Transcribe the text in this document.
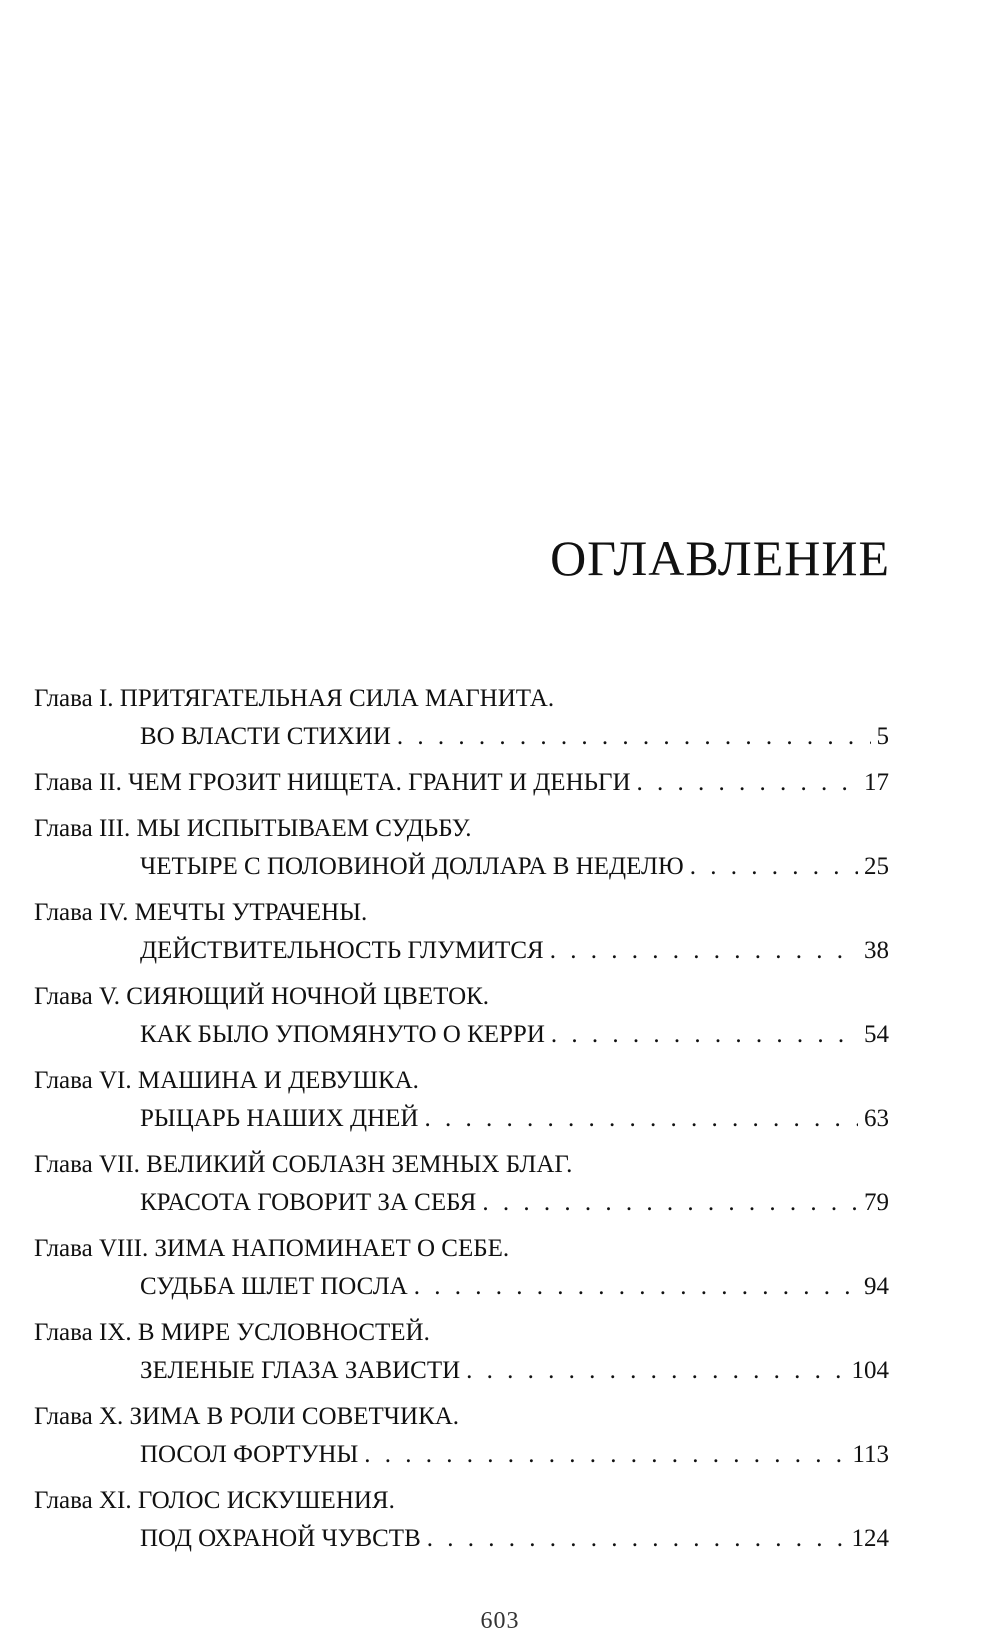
ОГЛАВЛЕНИЕ
Глава I. ПРИТЯГАТЕЛЬНАЯ СИЛА МАГНИТА.
ВО ВЛАСТИ СТИХИИ . . .	5
Глава II. ЧЕМ ГРОЗИТ НИЩЕТА. ГРАНИТ И ДЕНЬГИ . . .	17
Глава III. МЫ ИСПЫТЫВАЕМ СУДЬБУ.
ЧЕТЫРЕ С ПОЛОВИНОЙ ДОЛЛАРА В НЕДЕЛЮ . . .	25
Глава IV. МЕЧТЫ УТРАЧЕНЫ.
ДЕЙСТВИТЕЛЬНОСТЬ ГЛУМИТСЯ . . .	38
Глава V. СИЯЮЩИЙ НОЧНОЙ ЦВЕТОК.
КАК БЫЛО УПОМЯНУТО О КЕРРИ . . .	54
Глава VI. МАШИНА И ДЕВУШКА.
РЫЦАРЬ НАШИХ ДНЕЙ . . .	63
Глава VII. ВЕЛИКИЙ СОБЛАЗН ЗЕМНЫХ БЛАГ.
КРАСОТА ГОВОРИТ ЗА СЕБЯ . . .	79
Глава VIII. ЗИМА НАПОМИНАЕТ О СЕБЕ.
СУДЬБА ШЛЕТ ПОСЛА . . .	94
Глава IX. В МИРЕ УСЛОВНОСТЕЙ.
ЗЕЛЕНЫЕ ГЛАЗА ЗАВИСТИ . . .	104
Глава X. ЗИМА В РОЛИ СОВЕТЧИКА.
ПОСОЛ ФОРТУНЫ . . .	113
Глава XI. ГОЛОС ИСКУШЕНИЯ.
ПОД ОХРАНОЙ ЧУВСТВ . . .	124
603
